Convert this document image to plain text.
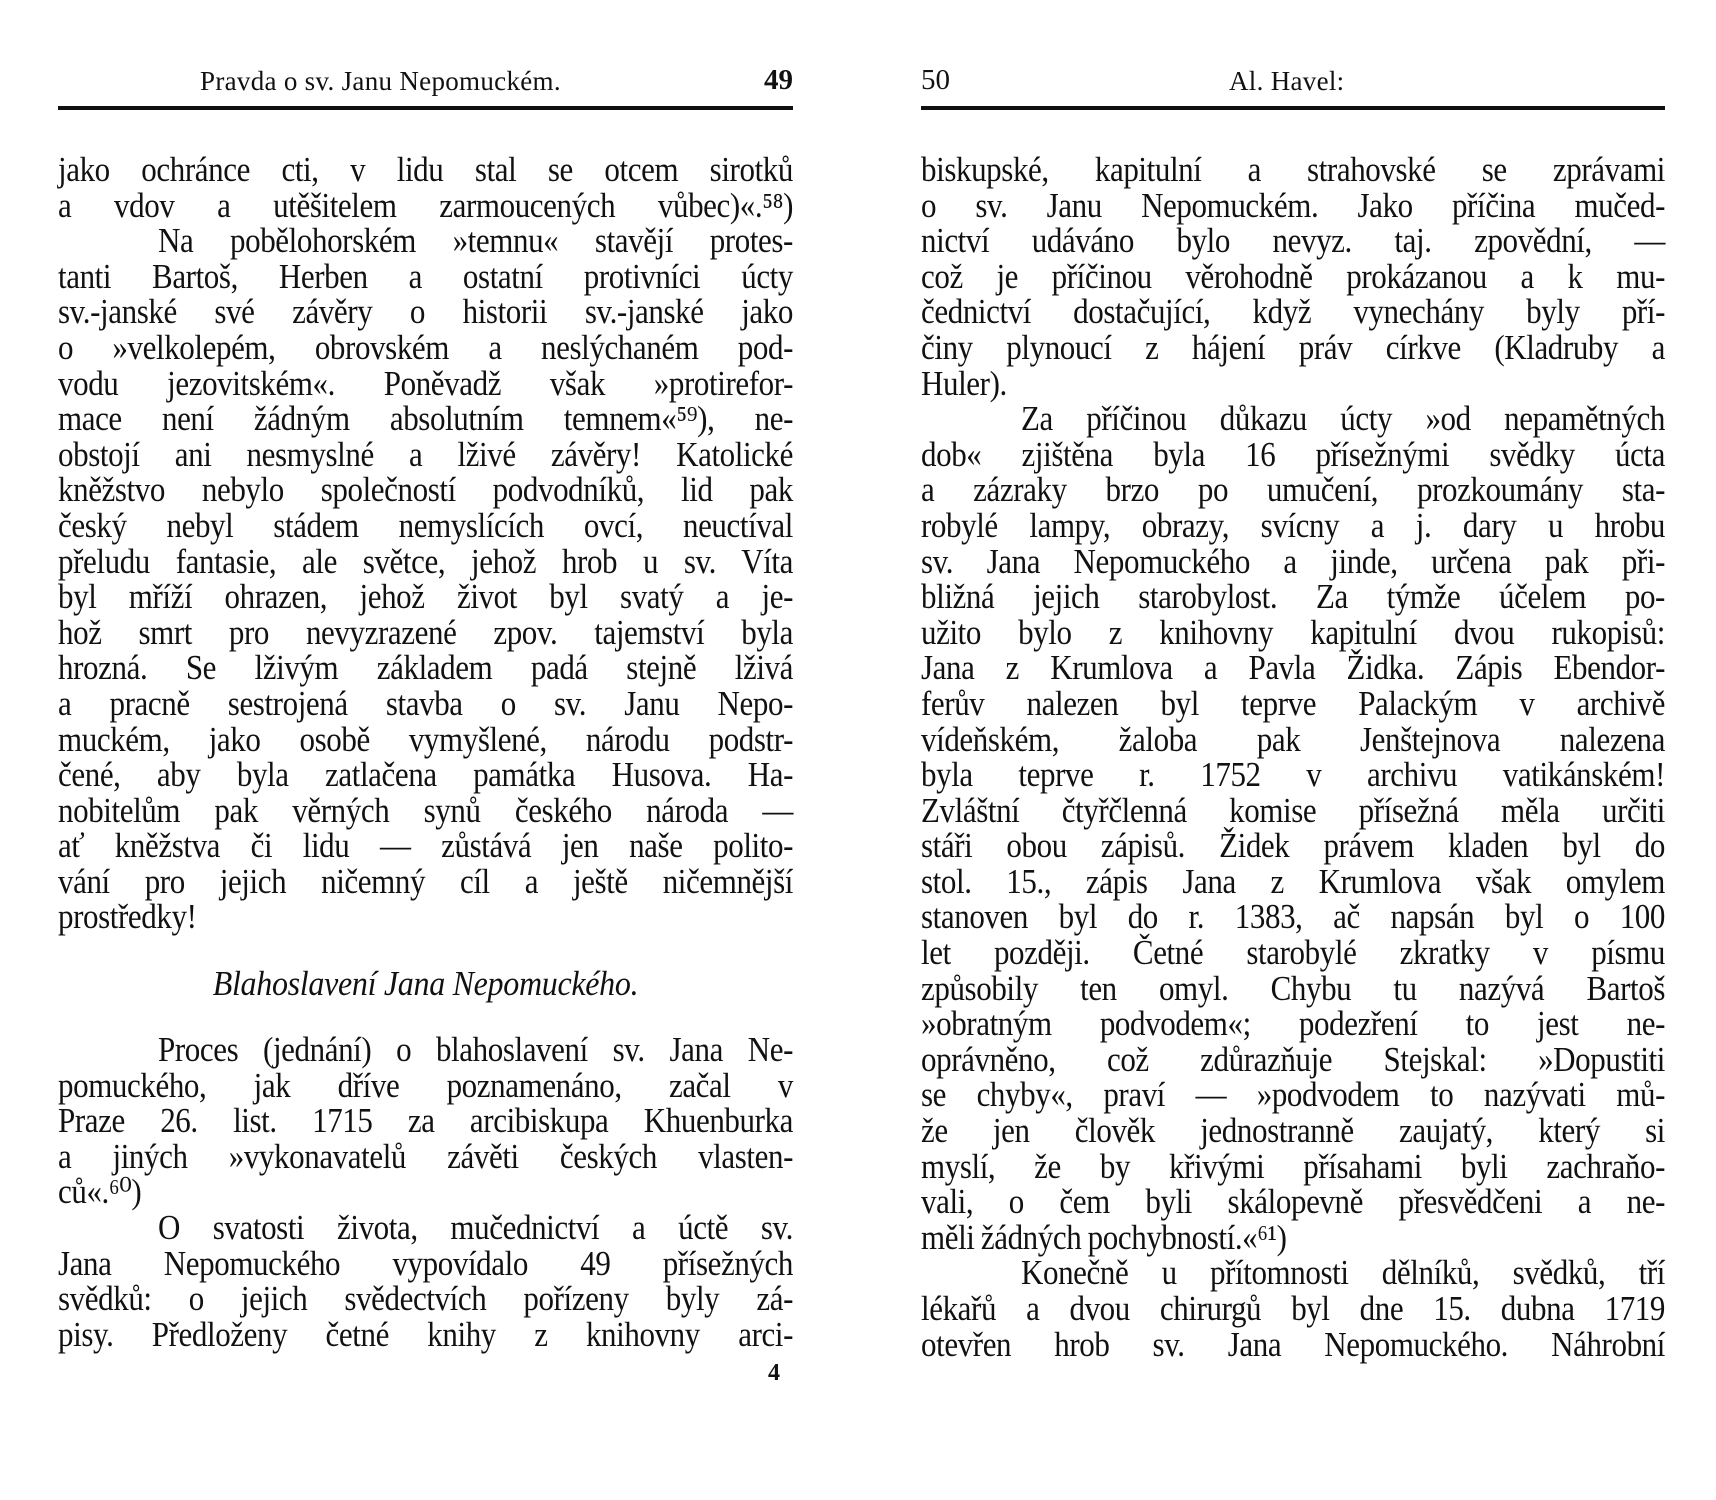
Pravda o sv. Janu Nepomuckém.	49
jako ochránce cti, v lidu stal se otcem sirotků
a vdov a utěšitelem zarmoucených vůbec)«.⁵⁸)
Na pobělohorském »temnu« stavějí protes-
tanti Bartoš, Herben a ostatní protivníci úcty
sv.-janské své závěry o historii sv.-janské jako
o »velkolepém, obrovském a neslýchaném pod-
vodu jezovitském«. Poněvadž však »protirefor-
mace není žádným absolutním temnem«⁵⁹), ne-
obstojí ani nesmyslné a lživé závěry! Katolické
kněžstvo nebylo společností podvodníků, lid pak
český nebyl stádem nemyslících ovcí, neuctíval
přeludu fantasie, ale světce, jehož hrob u sv. Víta
byl mříží ohrazen, jehož život byl svatý a je-
hož smrt pro nevyzrazené zpov. tajemství byla
hrozná. Se lživým základem padá stejně lživá
a pracně sestrojená stavba o sv. Janu Nepo-
muckém, jako osobě vymyšlené, národu podstr-
čené, aby byla zatlačena památka Husova. Ha-
nobitelům pak věrných synů českého národa —
ať kněžstva či lidu — zůstává jen naše polito-
vání pro jejich ničemný cíl a ještě ničemnější
prostředky!
Blahoslavení Jana Nepomuckého.
Proces (jednání) o blahoslavení sv. Jana Ne-
pomuckého, jak dříve poznamenáno, začal v
Praze 26. list. 1715 za arcibiskupa Khuenburka
a jiných »vykonavatelů závěti českých vlasten-
ců«.⁶⁰)
O svatosti života, mučednictví a úctě sv.
Jana Nepomuckého vypovídalo 49 přísežných
svědků: o jejich svědectvích pořízeny byly zá-
pisy. Předloženy četné knihy z knihovny arci-
4
50	Al. Havel:
biskupské, kapitulní a strahovské se zprávami
o sv. Janu Nepomuckém. Jako příčina mučed-
nictví udáváno bylo nevyz. taj. zpovědní, —
což je příčinou věrohodně prokázanou a k mu-
čednictví dostačující, když vynechány byly pří-
činy plynoucí z hájení práv církve (Kladruby a
Huler).
Za příčinou důkazu úcty »od nepamětných
dob« zjištěna byla 16 přísežnými svědky úcta
a zázraky brzo po umučení, prozkoumány sta-
robylé lampy, obrazy, svícny a j. dary u hrobu
sv. Jana Nepomuckého a jinde, určena pak při-
bližná jejich starobylost. Za týmže účelem po-
užito bylo z knihovny kapitulní dvou rukopisů:
Jana z Krumlova a Pavla Židka. Zápis Ebendor-
ferův nalezen byl teprve Palackým v archivě
vídeňském, žaloba pak Jenštejnova nalezena
byla teprve r. 1752 v archivu vatikánském!
Zvláštní čtyřčlenná komise přísežná měla určiti
stáři obou zápisů. Židek právem kladen byl do
stol. 15., zápis Jana z Krumlova však omylem
stanoven byl do r. 1383, ač napsán byl o 100
let později. Četné starobylé zkratky v písmu
způsobily ten omyl. Chybu tu nazývá Bartoš
»obratným podvodem«; podezření to jest ne-
oprávněno, což zdůrazňuje Stejskal: »Dopustiti
se chyby«, praví — »podvodem to nazývati mů-
že jen člověk jednostranně zaujatý, který si
myslí, že by křivými přísahami byli zachraňo-
vali, o čem byli skálopevně přesvědčeni a ne-
měli žádných pochybností.«⁶¹)
Konečně u přítomnosti dělníků, svědků, tří
lékařů a dvou chirurgů byl dne 15. dubna 1719
otevřen hrob sv. Jana Nepomuckého. Náhrobní
